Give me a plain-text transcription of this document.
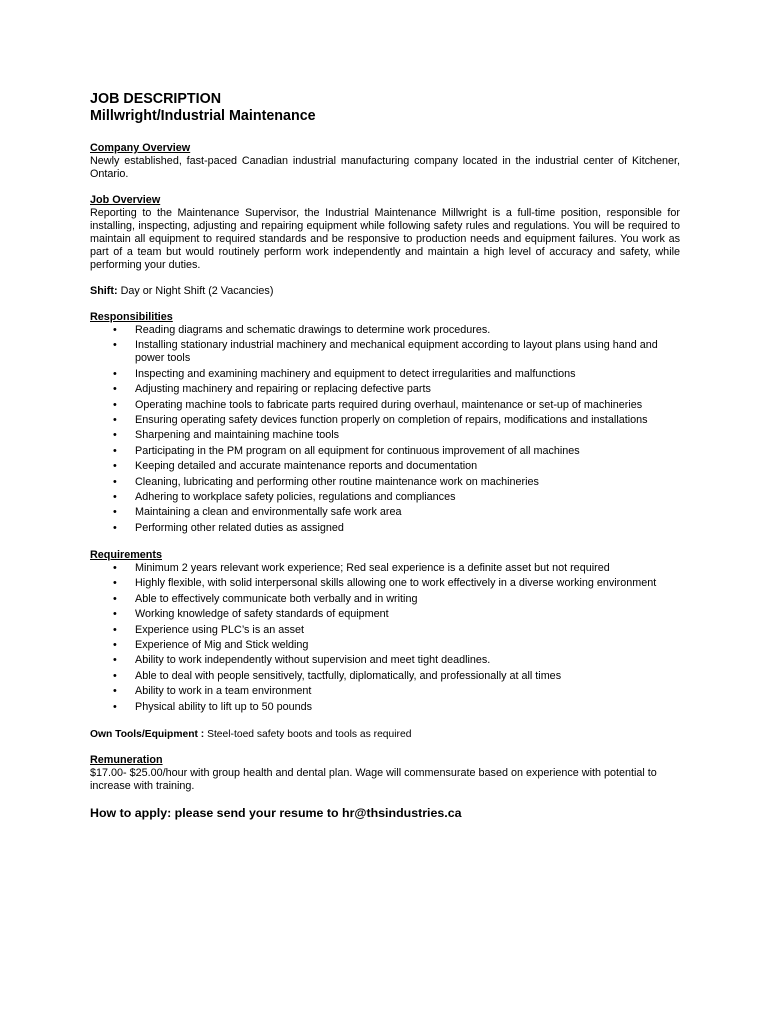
JOB DESCRIPTION

Millwright/Industrial Maintenance

Company Overview

Newly established, fast-paced Canadian industrial manufacturing company located in the industrial center of Kitchener, Ontario.

Job Overview

Reporting to the Maintenance Supervisor, the Industrial Maintenance Millwright is a full-time position, responsible for installing, inspecting, adjusting and repairing equipment while following safety rules and regulations. You will be required to maintain all equipment to required standards and be responsive to production needs and equipment failures. You work as part of a team but would routinely perform work independently and maintain a high level of accuracy and safety, while performing your duties.

Shift: Day or Night Shift (2 Vacancies)

Responsibilities

• Reading diagrams and schematic drawings to determine work procedures.
• Installing stationary industrial machinery and mechanical equipment according to layout plans using hand and power tools
• Inspecting and examining machinery and equipment to detect irregularities and malfunctions
• Adjusting machinery and repairing or replacing defective parts
• Operating machine tools to fabricate parts required during overhaul, maintenance or set-up of machineries
• Ensuring operating safety devices function properly on completion of repairs, modifications and installations
• Sharpening and maintaining machine tools
• Participating in the PM program on all equipment for continuous improvement of all machines
• Keeping detailed and accurate maintenance reports and documentation
• Cleaning, lubricating and performing other routine maintenance work on machineries
• Adhering to workplace safety policies, regulations and compliances
• Maintaining a clean and environmentally safe work area
• Performing other related duties as assigned

Requirements

• Minimum 2 years relevant work experience; Red seal experience is a definite asset but not required
• Highly flexible, with solid interpersonal skills allowing one to work effectively in a diverse working environment
• Able to effectively communicate both verbally and in writing
• Working knowledge of safety standards of equipment
• Experience using PLC’s is an asset
• Experience of Mig and Stick welding
• Ability to work independently without supervision and meet tight deadlines.
• Able to deal with people sensitively, tactfully, diplomatically, and professionally at all times
• Ability to work in a team environment
• Physical ability to lift up to 50 pounds

Own Tools/Equipment : Steel-toed safety boots and tools as required

Remuneration

$17.00- $25.00/hour with group health and dental plan. Wage will commensurate based on experience with potential to increase with training.

How to apply: please send your resume to hr@thsindustries.ca
